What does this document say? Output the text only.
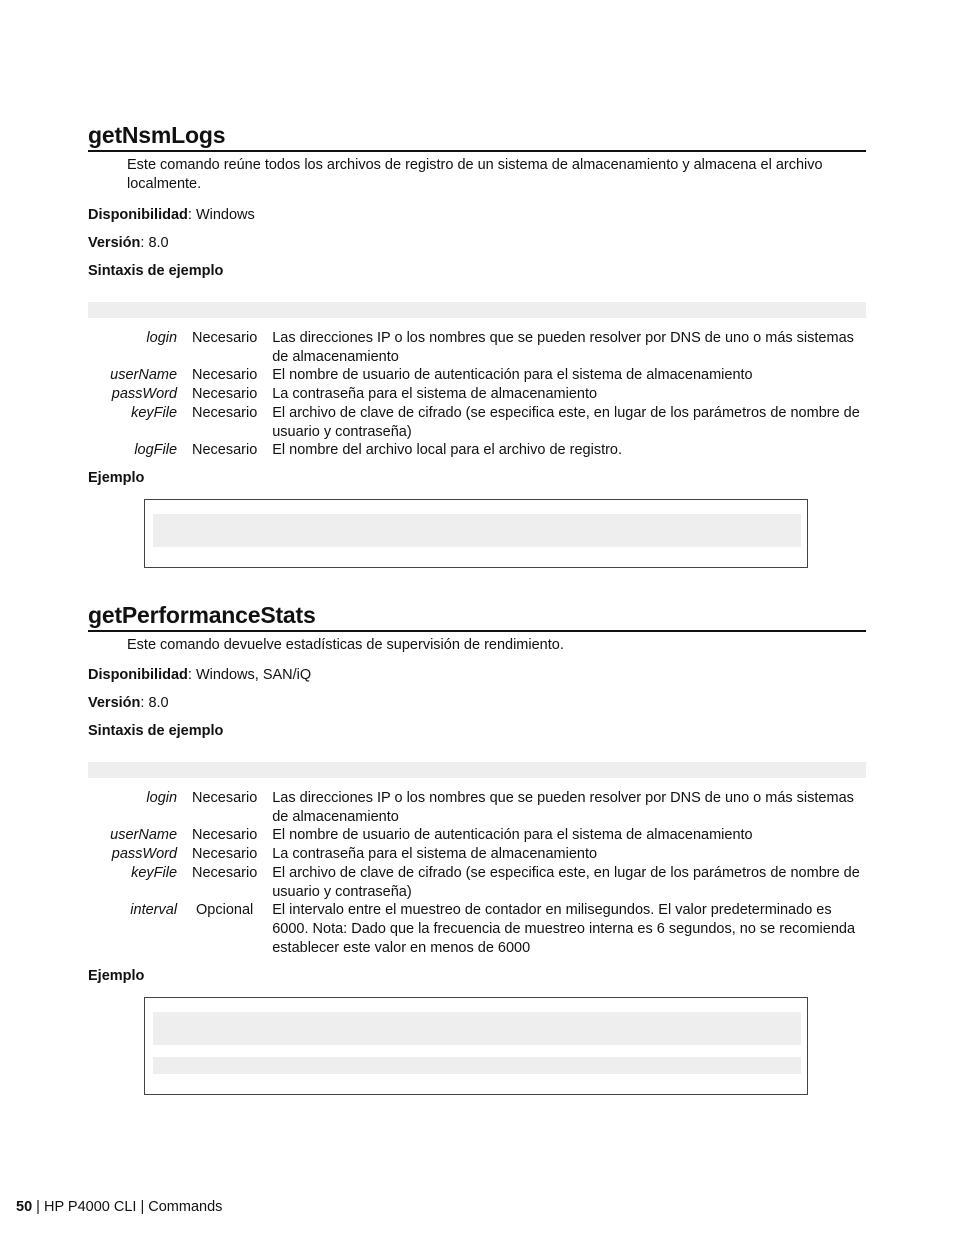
getNsmLogs

Este comando reúne todos los archivos de registro de un sistema de almacenamiento y almacena el archivo localmente.

Disponibilidad: Windows

Versión: 8.0

Sintaxis de ejemplo

login	Necesario	Las direcciones IP o los nombres que se pueden resolver por DNS de uno o más sistemas de almacenamiento
userName	Necesario	El nombre de usuario de autenticación para el sistema de almacenamiento
passWord	Necesario	La contraseña para el sistema de almacenamiento
keyFile	Necesario	El archivo de clave de cifrado (se especifica este, en lugar de los parámetros de nombre de usuario y contraseña)
logFile	Necesario	El nombre del archivo local para el archivo de registro.

Ejemplo

getPerformanceStats

Este comando devuelve estadísticas de supervisión de rendimiento.

Disponibilidad: Windows, SAN/iQ

Versión: 8.0

Sintaxis de ejemplo

login	Necesario	Las direcciones IP o los nombres que se pueden resolver por DNS de uno o más sistemas de almacenamiento
userName	Necesario	El nombre de usuario de autenticación para el sistema de almacenamiento
passWord	Necesario	La contraseña para el sistema de almacenamiento
keyFile	Necesario	El archivo de clave de cifrado (se especifica este, en lugar de los parámetros de nombre de usuario y contraseña)
interval	Opcional	El intervalo entre el muestreo de contador en milisegundos. El valor predeterminado es 6000. Nota: Dado que la frecuencia de muestreo interna es 6 segundos, no se recomienda establecer este valor en menos de 6000

Ejemplo

50 | HP P4000 CLI | Commands
